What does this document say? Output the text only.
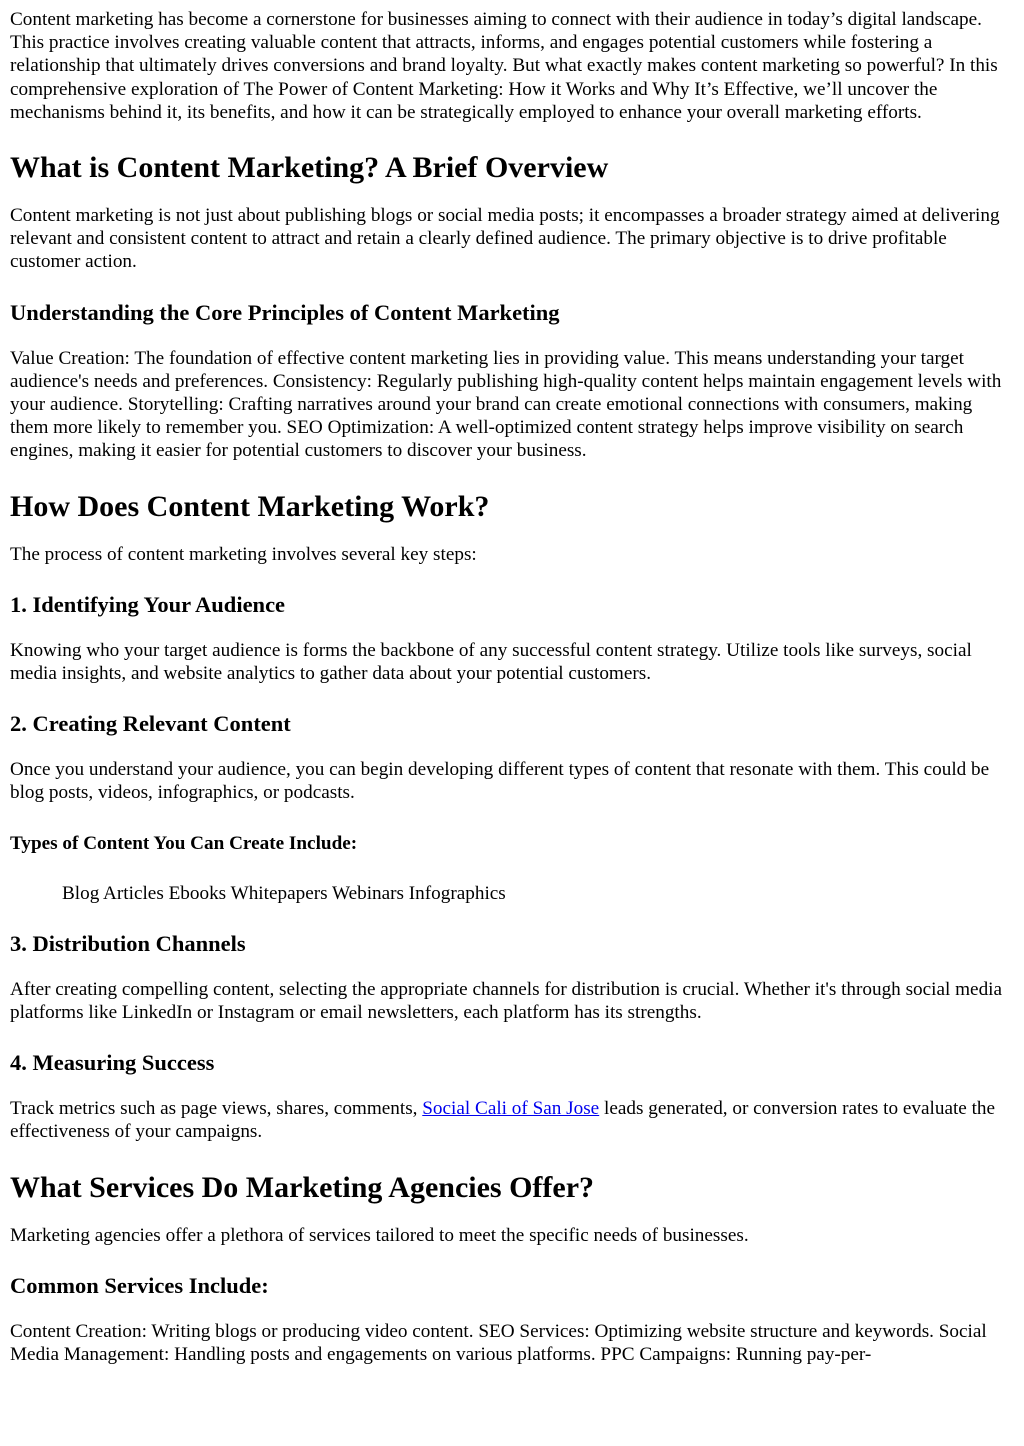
Content marketing has become a cornerstone for businesses aiming to connect with their audience in today’s digital landscape. This practice involves creating valuable content that attracts, informs, and engages potential customers while fostering a relationship that ultimately drives conversions and brand loyalty. But what exactly makes content marketing so powerful? In this comprehensive exploration of The Power of Content Marketing: How it Works and Why It’s Effective, we’ll uncover the mechanisms behind it, its benefits, and how it can be strategically employed to enhance your overall marketing efforts.

What is Content Marketing? A Brief Overview

Content marketing is not just about publishing blogs or social media posts; it encompasses a broader strategy aimed at delivering relevant and consistent content to attract and retain a clearly defined audience. The primary objective is to drive profitable customer action.

Understanding the Core Principles of Content Marketing

Value Creation: The foundation of effective content marketing lies in providing value. This means understanding your target audience's needs and preferences. Consistency: Regularly publishing high-quality content helps maintain engagement levels with your audience. Storytelling: Crafting narratives around your brand can create emotional connections with consumers, making them more likely to remember you. SEO Optimization: A well-optimized content strategy helps improve visibility on search engines, making it easier for potential customers to discover your business.

How Does Content Marketing Work?

The process of content marketing involves several key steps:

1. Identifying Your Audience

Knowing who your target audience is forms the backbone of any successful content strategy. Utilize tools like surveys, social media insights, and website analytics to gather data about your potential customers.

2. Creating Relevant Content

Once you understand your audience, you can begin developing different types of content that resonate with them. This could be blog posts, videos, infographics, or podcasts.

Types of Content You Can Create Include:

Blog Articles Ebooks Whitepapers Webinars Infographics

3. Distribution Channels

After creating compelling content, selecting the appropriate channels for distribution is crucial. Whether it's through social media platforms like LinkedIn or Instagram or email newsletters, each platform has its strengths.

4. Measuring Success

Track metrics such as page views, shares, comments, Social Cali of San Jose leads generated, or conversion rates to evaluate the effectiveness of your campaigns.

What Services Do Marketing Agencies Offer?

Marketing agencies offer a plethora of services tailored to meet the specific needs of businesses.

Common Services Include:

Content Creation: Writing blogs or producing video content. SEO Services: Optimizing website structure and keywords. Social Media Management: Handling posts and engagements on various platforms. PPC Campaigns: Running pay-per-
